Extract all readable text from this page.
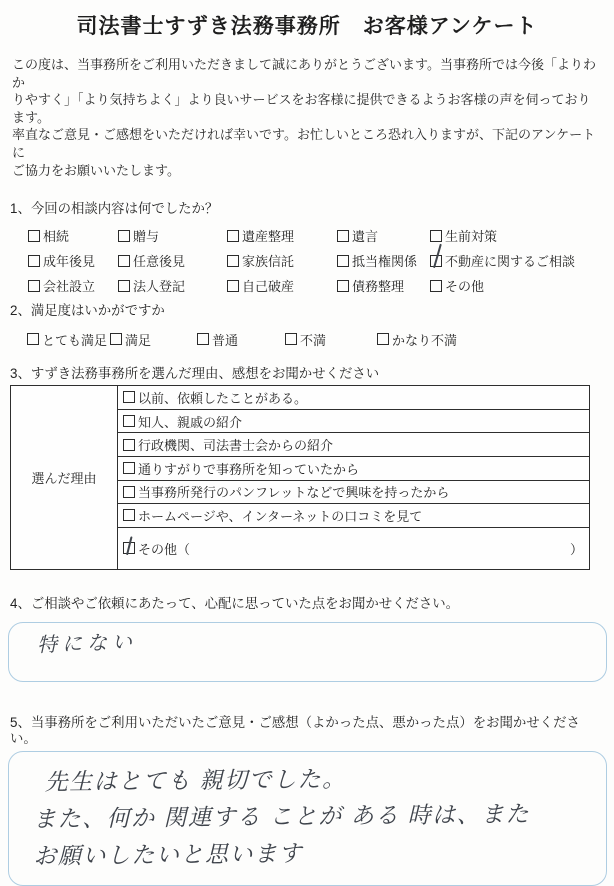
司法書士すずき法務事務所　お客様アンケート
この度は、当事務所をご利用いただきまして誠にありがとうございます。当事務所では今後「よりわか
りやすく」「より気持ちよく」より良いサービスをお客様に提供できるようお客様の声を伺っております。
率直なご意見・ご感想をいただければ幸いです。お忙しいところ恐れ入りますが、下記のアンケートに
ご協力をお願いいたします。
1、今回の相談内容は何でしたか？
相続	贈与	遺産整理	遺言	生前対策
成年後見	任意後見	家族信託	抵当権関係 不動産に関するご相談
会社設立	法人登記	自己破産	債務整理	その他
2、満足度はいかがですか
とても満足 満足	普通	不満	かなり不満
3、すずき法務事務所を選んだ理由、感想をお聞かせください
選んだ理由
以前、依頼したことがある。
知人、親戚の紹介
行政機関、司法書士会からの紹介
通りすがりで事務所を知っていたから
当事務所発行のパンフレットなどで興味を持ったから
ホームページや、インターネットの口コミを見て
その他（	）
4、ご相談やご依頼にあたって、心配に思っていた点をお聞かせください。
特にない
5、当事務所をご利用いただいたご意見・ご感想（よかった点、悪かった点）をお聞かせください。
先生はとても 親切でした。
また、何か 関連する ことが ある 時は、また
お願いしたいと思います
